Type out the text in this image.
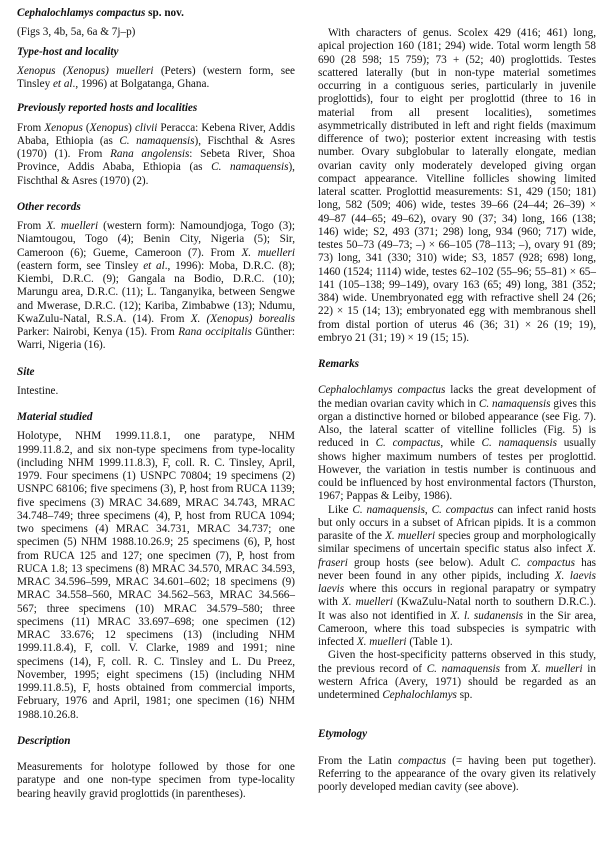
Cephalochlamys compactus sp. nov.

(Figs 3, 4b, 5a, 6a & 7j–p)

Type-host and locality

Xenopus (Xenopus) muelleri (Peters) (western form, see Tinsley et al., 1996) at Bolgatanga, Ghana.

Previously reported hosts and localities

From Xenopus (Xenopus) clivii Peracca: Kebena River, Addis Ababa, Ethiopia (as C. namaquensis), Fischthal & Asres (1970) (1). From Rana angolensis: Sebeta River, Shoa Province, Addis Ababa, Ethiopia (as C. namaquensis), Fischthal & Asres (1970) (2).

Other records

From X. muelleri (western form): Namoundjoga, Togo (3); Niamtougou, Togo (4); Benin City, Nigeria (5); Sir, Cameroon (6); Gueme, Cameroon (7). From X. muelleri (eastern form, see Tinsley et al., 1996): Moba, D.R.C. (8); Kiembi, D.R.C. (9); Gangala na Bodio, D.R.C. (10); Marungu area, D.R.C. (11); L. Tanganyika, between Sengwe and Mwerase, D.R.C. (12); Kariba, Zimbabwe (13); Ndumu, KwaZulu-Natal, R.S.A. (14). From X. (Xenopus) borealis Parker: Nairobi, Kenya (15). From Rana occipitalis Günther: Warri, Nigeria (16).

Site

Intestine.

Material studied

Holotype, NHM 1999.11.8.1, one paratype, NHM 1999.11.8.2, and six non-type specimens from type-locality (including NHM 1999.11.8.3), F, coll. R. C. Tinsley, April, 1979. Four specimens (1) USNPC 70804; 19 specimens (2) USNPC 68106; five specimens (3), P, host from RUCA 1139; five specimens (3) MRAC 34.689, MRAC 34.743, MRAC 34.748–749; three specimens (4), P, host from RUCA 1094; two specimens (4) MRAC 34.731, MRAC 34.737; one specimen (5) NHM 1988.10.26.9; 25 specimens (6), P, host from RUCA 125 and 127; one specimen (7), P, host from RUCA 1.8; 13 specimens (8) MRAC 34.570, MRAC 34.593, MRAC 34.596–599, MRAC 34.601–602; 18 specimens (9) MRAC 34.558–560, MRAC 34.562–563, MRAC 34.566–567; three specimens (10) MRAC 34.579–580; three specimens (11) MRAC 33.697–698; one specimen (12) MRAC 33.676; 12 specimens (13) (including NHM 1999.11.8.4), F, coll. V. Clarke, 1989 and 1991; nine specimens (14), F, coll. R. C. Tinsley and L. Du Preez, November, 1995; eight specimens (15) (including NHM 1999.11.8.5), F, hosts obtained from commercial imports, February, 1976 and April, 1981; one specimen (16) NHM 1988.10.26.8.

Description

Measurements for holotype followed by those for one paratype and one non-type specimen from type-locality bearing heavily gravid proglottids (in parentheses).

With characters of genus. Scolex 429 (416; 461) long, apical projection 160 (181; 294) wide. Total worm length 58 690 (28 598; 15 759); 73 + (52; 40) proglottids. Testes scattered laterally (but in non-type material sometimes occurring in a contiguous series, particularly in juvenile proglottids), four to eight per proglottid (three to 16 in material from all present localities), sometimes asymmetrically distributed in left and right fields (maximum difference of two); posterior extent increasing with testis number. Ovary subglobular to laterally elongate, median ovarian cavity only moderately developed giving organ compact appearance. Vitelline follicles showing limited lateral scatter. Proglottid measurements: S1, 429 (150; 181) long, 582 (509; 406) wide, testes 39–66 (24–44; 26–39) × 49–87 (44–65; 49–62), ovary 90 (37; 34) long, 166 (138; 146) wide; S2, 493 (371; 298) long, 934 (960; 717) wide, testes 50–73 (49–73; –) × 66–105 (78–113; –), ovary 91 (89; 73) long, 341 (330; 310) wide; S3, 1857 (928; 698) long, 1460 (1524; 1114) wide, testes 62–102 (55–96; 55–81) × 65–141 (105–138; 99–149), ovary 163 (65; 49) long, 381 (352; 384) wide. Unembryonated egg with refractive shell 24 (26; 22) × 15 (14; 13); embryonated egg with membranous shell from distal portion of uterus 46 (36; 31) × 26 (19; 19), embryo 21 (31; 19) × 19 (15; 15).

Remarks

Cephalochlamys compactus lacks the great development of the median ovarian cavity which in C. namaquensis gives this organ a distinctive horned or bilobed appearance (see Fig. 7). Also, the lateral scatter of vitelline follicles (Fig. 5) is reduced in C. compactus, while C. namaquensis usually shows higher maximum numbers of testes per proglottid. However, the variation in testis number is continuous and could be influenced by host environmental factors (Thurston, 1967; Pappas & Leiby, 1986).

Like C. namaquensis, C. compactus can infect ranid hosts but only occurs in a subset of African pipids. It is a common parasite of the X. muelleri species group and morphologically similar specimens of uncertain specific status also infect X. fraseri group hosts (see below). Adult C. compactus has never been found in any other pipids, including X. laevis laevis where this occurs in regional parapatry or sympatry with X. muelleri (KwaZulu-Natal north to southern D.R.C.). It was also not identified in X. l. sudanensis in the Sir area, Cameroon, where this toad subspecies is sympatric with infected X. muelleri (Table 1).

Given the host-specificity patterns observed in this study, the previous record of C. namaquensis from X. muelleri in western Africa (Avery, 1971) should be regarded as an undetermined Cephalochlamys sp.

Etymology

From the Latin compactus (= having been put together). Referring to the appearance of the ovary given its relatively poorly developed median cavity (see above).
